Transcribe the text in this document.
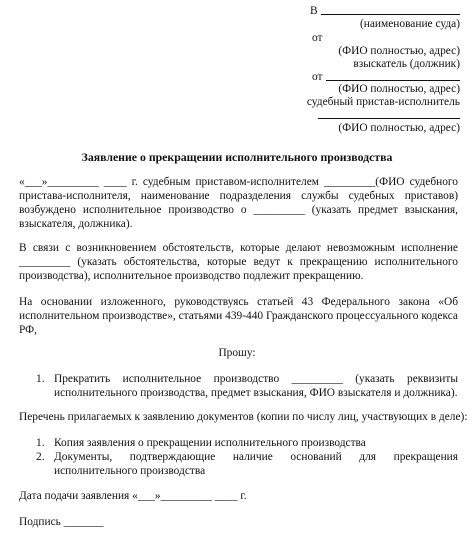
В
(наименование суда)
от
(ФИО полностью, адрес)
взыскатель (должник)
от
(ФИО полностью, адрес)
судебный пристав-исполнитель
(ФИО полностью, адрес)
Заявление о прекращении исполнительного производства
«___»_________ ____ г. судебным приставом-исполнителем _________(ФИО судебного
пристава-исполнителя, наименование подразделения службы судебных приставов)
возбуждено исполнительное производство о _________ (указать предмет взыскания,
взыскателя, должника).
В связи с возникновением обстоятельств, которые делают невозможным исполнение
_________ (указать обстоятельства, которые ведут к прекращению исполнительного
производства), исполнительное производство подлежит прекращению.
На основании изложенного, руководствуясь статьей 43 Федерального закона «Об
исполнительном производстве», статьями 439-440 Гражданского процессуального кодекса
РФ,
Прошу:
1. Прекратить исполнительное производство _________ (указать реквизиты
исполнительного производства, предмет взыскания, ФИО взыскателя и должника).
Перечень прилагаемых к заявлению документов (копии по числу лиц, участвующих в деле):
1. Копия заявления о прекращении исполнительного производства
2. Документы, подтверждающие наличие оснований для прекращения
исполнительного производства
Дата подачи заявления «___»_________ ____ г.
Подпись _______
